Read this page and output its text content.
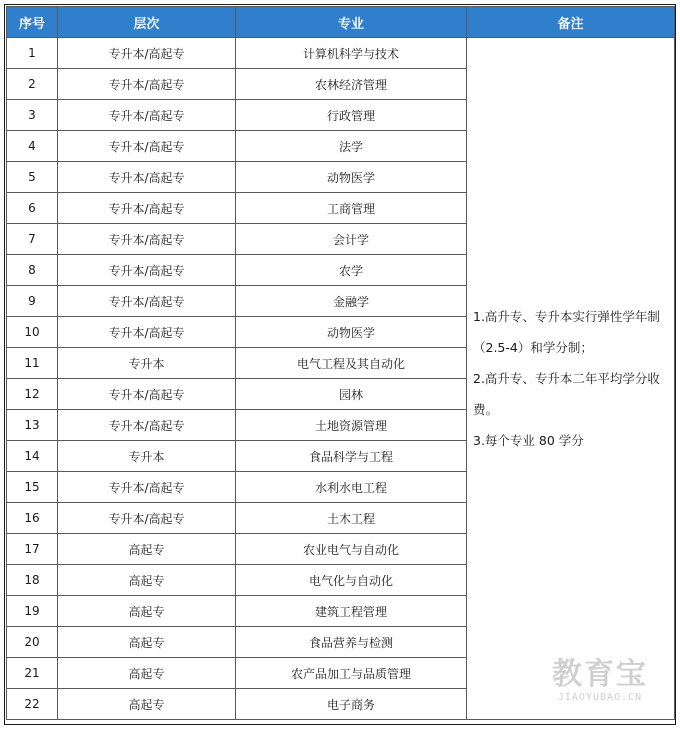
序号	层次	专业	备注
1	专升本/高起专	计算机科学与技术	1.高升专、专升本实行弹性学年制
（2.5-4）和学分制；
2.高升专、专升本二年平均学分收
费。
3.每个专业 80 学分

2	专升本/高起专	农林经济管理	
3	专升本/高起专	行政管理	
4	专升本/高起专	法学	
5	专升本/高起专	动物医学	
6	专升本/高起专	工商管理	
7	专升本/高起专	会计学	
8	专升本/高起专	农学	
9	专升本/高起专	金融学	
10	专升本/高起专	动物医学	
11	专升本	电气工程及其自动化	
12	专升本/高起专	园林	
13	专升本/高起专	土地资源管理	
14	专升本	食品科学与工程	
15	专升本/高起专	水利水电工程	
16	专升本/高起专	土木工程	
17	高起专	农业电气与自动化	
18	高起专	电气化与自动化	
19	高起专	建筑工程管理	
20	高起专	食品营养与检测	
21	高起专	农产品加工与品质管理	
22	高起专	电子商务	
教育宝
JIAOYUBAO.CN
